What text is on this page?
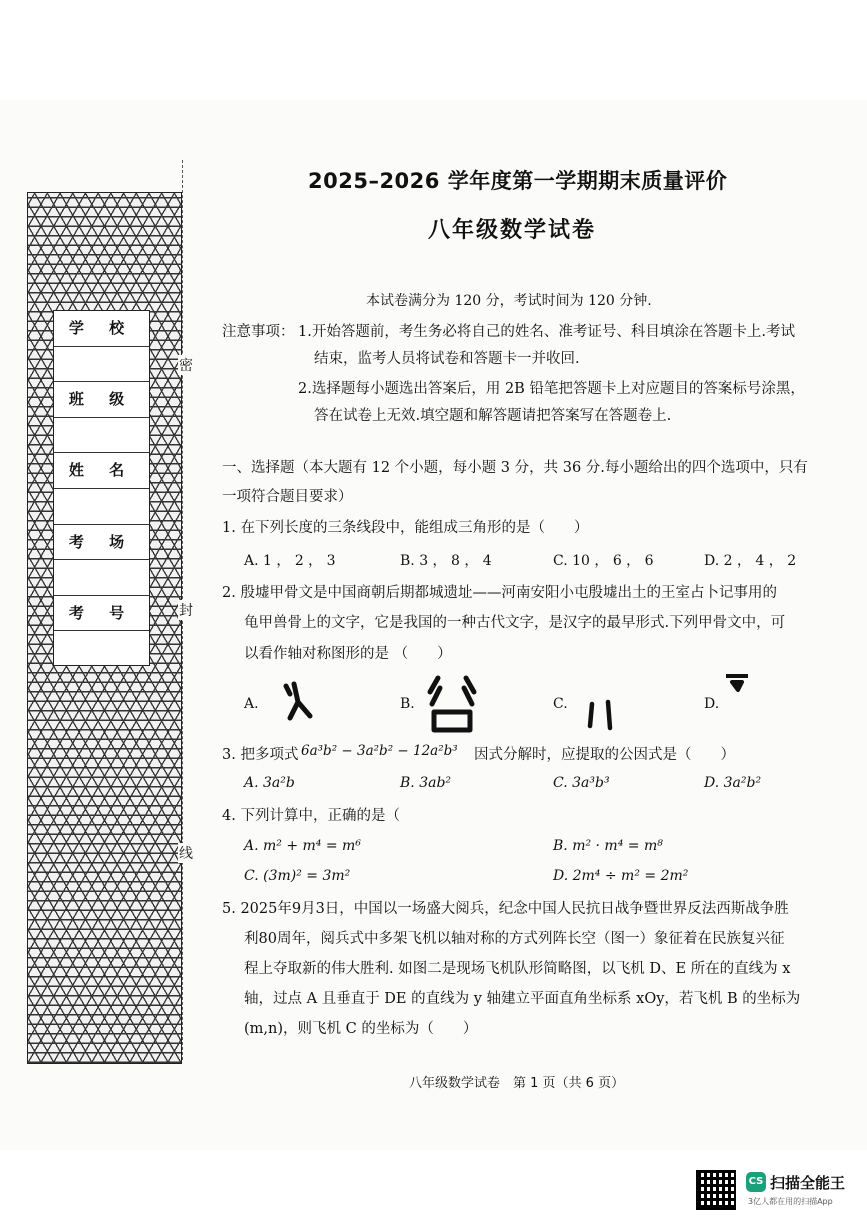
学 校
班 级
姓 名
考 场
考 号
密
封
线
2025–2026 学年度第一学期期末质量评价
八年级数学试卷
本试卷满分为 120 分，考试时间为 120 分钟.
注意事项： 1.开始答题前，考生务必将自己的姓名、准考证号、科目填涂在答题卡上.考试
结束，监考人员将试卷和答题卡一并收回.
2.选择题每小题选出答案后，用 2B 铅笔把答题卡上对应题目的答案标号涂黑，
答在试卷上无效.填空题和解答题请把答案写在答题卷上.
一、选择题（本大题有 12 个小题，每小题 3 分，共 36 分.每小题给出的四个选项中，只有
一项符合题目要求）
1. 在下列长度的三条线段中，能组成三角形的是（　　）
A. 1 ， 2 ， 3	B. 3 ， 8 ， 4	C. 10 ， 6 ， 6	D. 2 ， 4 ， 2
2. 殷墟甲骨文是中国商朝后期都城遗址——河南安阳小屯殷墟出土的王室占卜记事用的
龟甲兽骨上的文字，它是我国的一种古代文字，是汉字的最早形式.下列甲骨文中，可
以看作轴对称图形的是 （　　）
A.	B.	C.	D.
3. 把多项式 6a³b² − 3a²b² − 12a²b³ 因式分解时，应提取的公因式是（　　）
A. 3a²b	B. 3ab²	C. 3a³b³	D. 3a²b²
4. 下列计算中，正确的是（
A. m² + m⁴ = m⁶	B. m² · m⁴ = m⁸
C. (3m)² = 3m²	D. 2m⁴ ÷ m² = 2m²
5. 2025年9月3日，中国以一场盛大阅兵，纪念中国人民抗日战争暨世界反法西斯战争胜
利80周年，阅兵式中多架飞机以轴对称的方式列阵长空（图一）象征着在民族复兴征
程上夺取新的伟大胜利. 如图二是现场飞机队形简略图，以飞机 D、E 所在的直线为 x
轴，过点 A 且垂直于 DE 的直线为 y 轴建立平面直角坐标系 xOy，若飞机 B 的坐标为
(m,n)，则飞机 C 的坐标为（　　）
八年级数学试卷　第 1 页（共 6 页）
CS 扫描全能王
3亿人都在用的扫描App
